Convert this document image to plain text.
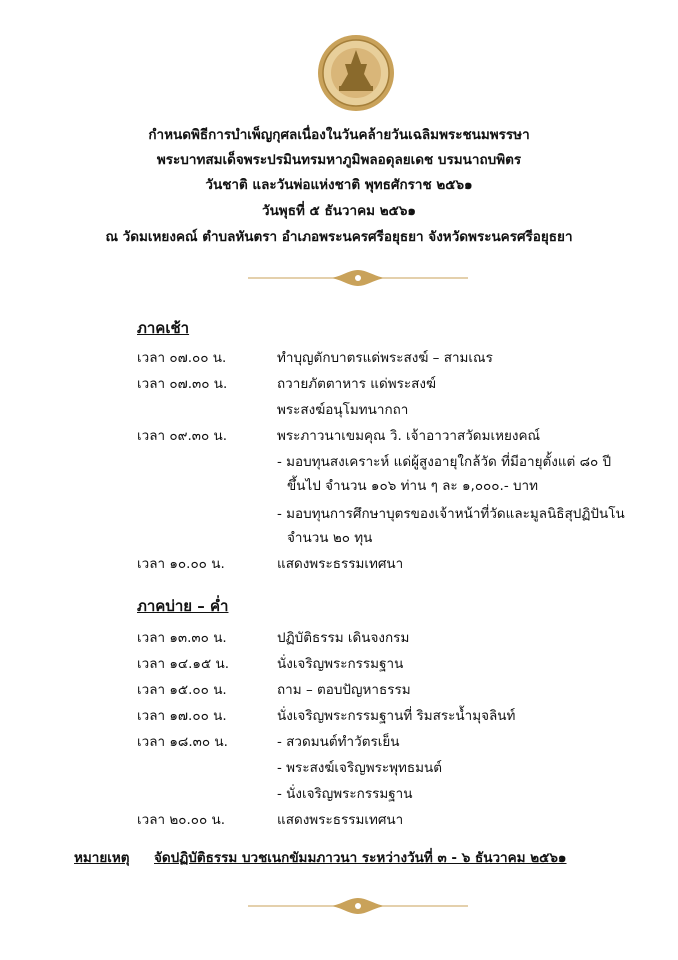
กำหนดพิธีการบำเพ็ญกุศลเนื่องในวันคล้ายวันเฉลิมพระชนมพรรษา
พระบาทสมเด็จพระปรมินทรมหาภูมิพลอดุลยเดช บรมนาถบพิตร
วันชาติ และวันพ่อแห่งชาติ พุทธศักราช ๒๕๖๑
วันพุธที่ ๕ ธันวาคม ๒๕๖๑
ณ วัดมเหยงคณ์ ตำบลหันตรา อำเภอพระนครศรีอยุธยา จังหวัดพระนครศรีอยุธยา
ภาคเช้า
เวลา ๐๗.๐๐ น.	ทำบุญตักบาตรแด่พระสงฆ์ – สามเณร
เวลา ๐๗.๓๐ น.	ถวายภัตตาหาร แด่พระสงฆ์
พระสงฆ์อนุโมทนากถา
เวลา ๐๙.๓๐ น.	พระภาวนาเขมคุณ วิ. เจ้าอาวาสวัดมเหยงคณ์
- มอบทุนสงเคราะห์ แด่ผู้สูงอายุใกล้วัด ที่มีอายุตั้งแต่ ๘๐ ปี
ขึ้นไป จำนวน ๑๐๖ ท่าน ๆ ละ ๑,๐๐๐.- บาท
- มอบทุนการศึกษาบุตรของเจ้าหน้าที่วัดและมูลนิธิสุปฏิปันโน
จำนวน ๒๐ ทุน
เวลา ๑๐.๐๐ น.	แสดงพระธรรมเทศนา
ภาคบ่าย – ค่ำ
เวลา ๑๓.๓๐ น.	ปฏิบัติธรรม เดินจงกรม
เวลา ๑๔.๑๕ น.	นั่งเจริญพระกรรมฐาน
เวลา ๑๕.๐๐ น.	ถาม – ตอบปัญหาธรรม
เวลา ๑๗.๐๐ น.	นั่งเจริญพระกรรมฐานที่ ริมสระน้ำมุจลินท์
เวลา ๑๘.๓๐ น.	- สวดมนต์ทำวัตรเย็น
- พระสงฆ์เจริญพระพุทธมนต์
- นั่งเจริญพระกรรมฐาน
เวลา ๒๐.๐๐ น.	แสดงพระธรรมเทศนา
หมายเหตุ จัดปฏิบัติธรรม บวชเนกขัมมภาวนา ระหว่างวันที่ ๓ - ๖ ธันวาคม ๒๕๖๑
